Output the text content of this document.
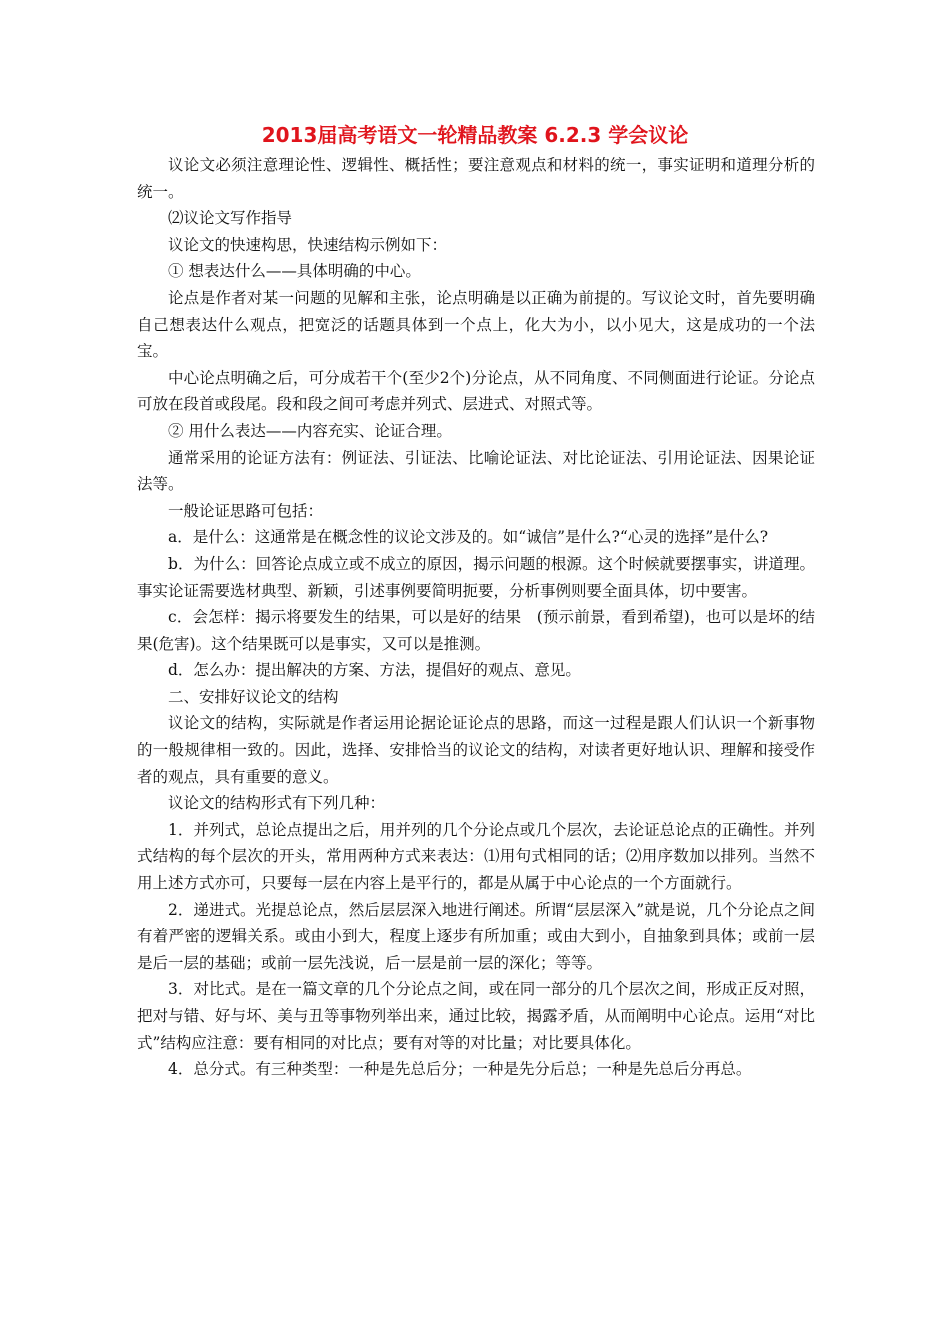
2013届高考语文一轮精品教案 6.2.3 学会议论

议论文必须注意理论性、逻辑性、概括性；要注意观点和材料的统一，事实证明和道理分析的统一。

⑵议论文写作指导

议论文的快速构思，快速结构示例如下：

① 想表达什么——具体明确的中心。

论点是作者对某一问题的见解和主张，论点明确是以正确为前提的。写议论文时，首先要明确自己想表达什么观点，把宽泛的话题具体到一个点上，化大为小，以小见大，这是成功的一个法宝。

中心论点明确之后，可分成若干个(至少2个)分论点，从不同角度、不同侧面进行论证。分论点可放在段首或段尾。段和段之间可考虑并列式、层进式、对照式等。

② 用什么表达——内容充实、论证合理。

通常采用的论证方法有：例证法、引证法、比喻论证法、对比论证法、引用论证法、因果论证法等。

一般论证思路可包括：

a．是什么：这通常是在概念性的议论文涉及的。如“诚信”是什么?“心灵的选择”是什么?

b．为什么：回答论点成立或不成立的原因，揭示问题的根源。这个时候就要摆事实，讲道理。事实论证需要选材典型、新颖，引述事例要简明扼要，分析事例则要全面具体，切中要害。

c．会怎样：揭示将要发生的结果，可以是好的结果　(预示前景，看到希望)，也可以是坏的结果(危害)。这个结果既可以是事实，又可以是推测。

d．怎么办：提出解决的方案、方法，提倡好的观点、意见。

二、安排好议论文的结构

议论文的结构，实际就是作者运用论据论证论点的思路，而这一过程是跟人们认识一个新事物的一般规律相一致的。因此，选择、安排恰当的议论文的结构，对读者更好地认识、理解和接受作者的观点，具有重要的意义。

议论文的结构形式有下列几种：

1．并列式，总论点提出之后，用并列的几个分论点或几个层次，去论证总论点的正确性。并列式结构的每个层次的开头，常用两种方式来表达：⑴用句式相同的话；⑵用序数加以排列。当然不用上述方式亦可，只要每一层在内容上是平行的，都是从属于中心论点的一个方面就行。

2．递进式。光提总论点，然后层层深入地进行阐述。所谓“层层深入”就是说，几个分论点之间有着严密的逻辑关系。或由小到大，程度上逐步有所加重；或由大到小，自抽象到具体；或前一层是后一层的基础；或前一层先浅说，后一层是前一层的深化；等等。

3．对比式。是在一篇文章的几个分论点之间，或在同一部分的几个层次之间，形成正反对照，把对与错、好与坏、美与丑等事物列举出来，通过比较，揭露矛盾，从而阐明中心论点。运用“对比式”结构应注意：要有相同的对比点；要有对等的对比量；对比要具体化。

4．总分式。有三种类型：一种是先总后分；一种是先分后总；一种是先总后分再总。
